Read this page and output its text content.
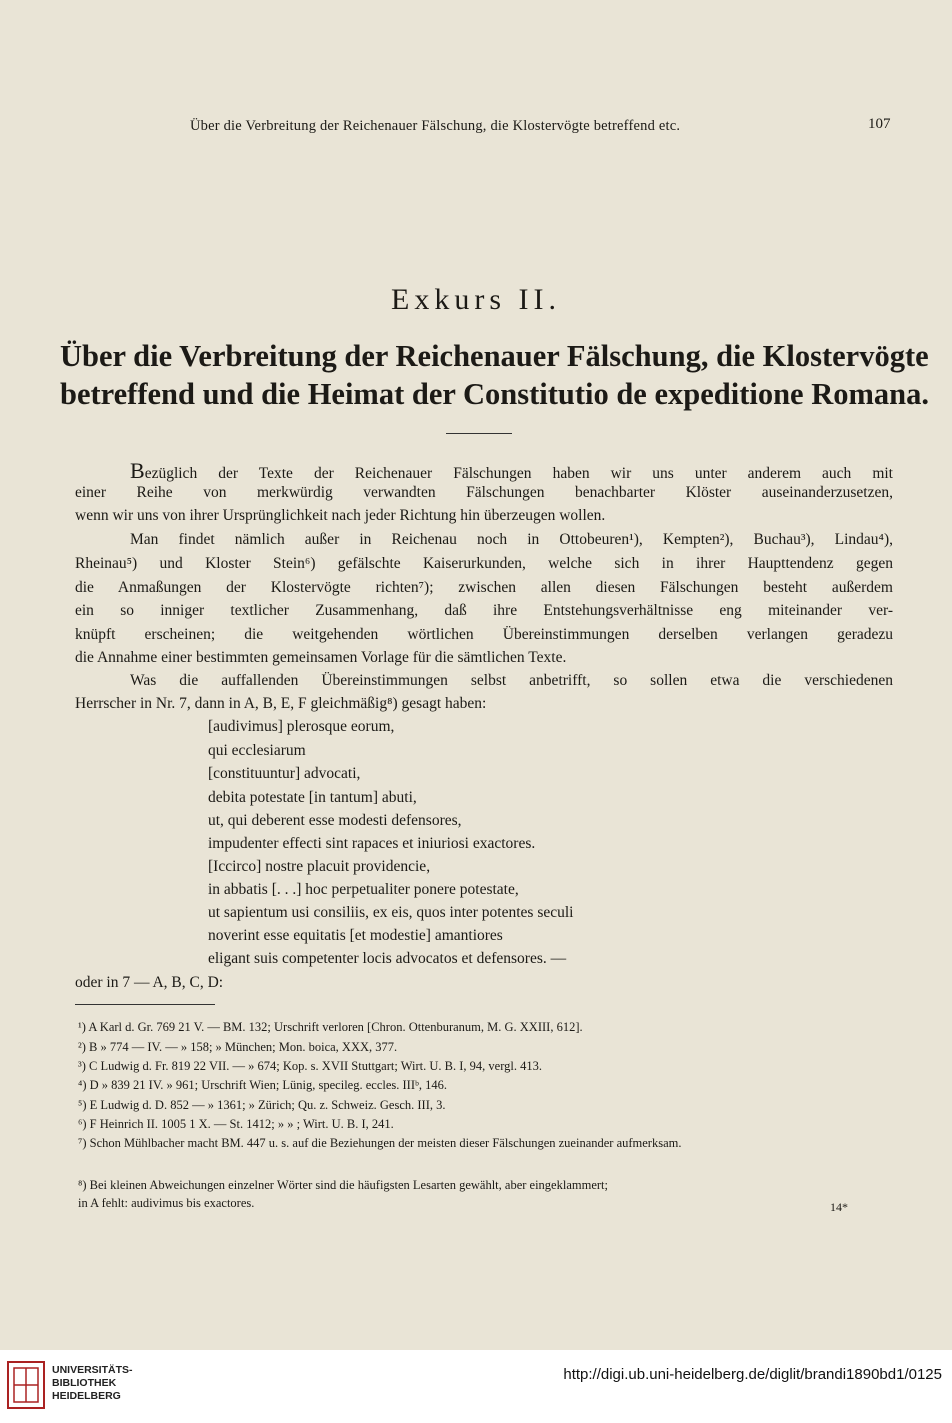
Über die Verbreitung der Reichenauer Fälschung, die Klostervögte betreffend etc.	107
Exkurs II.
Über die Verbreitung der Reichenauer Fälschung, die Klostervögte
betreffend und die Heimat der Constitutio de expeditione Romana.
Bezüglich der Texte der Reichenauer Fälschungen haben wir uns unter anderem auch mit
einer Reihe von merkwürdig verwandten Fälschungen benachbarter Klöster auseinanderzusetzen,
wenn wir uns von ihrer Ursprünglichkeit nach jeder Richtung hin überzeugen wollen.
Man findet nämlich außer in Reichenau noch in Ottobeuren¹), Kempten²), Buchau³), Lindau⁴),
Rheinau⁵) und Kloster Stein⁶) gefälschte Kaiserurkunden, welche sich in ihrer Haupttendenz gegen
die Anmaßungen der Klostervögte richten⁷); zwischen allen diesen Fälschungen besteht außerdem
ein so inniger textlicher Zusammenhang, daß ihre Entstehungsverhältnisse eng miteinander ver-
knüpft erscheinen; die weitgehenden wörtlichen Übereinstimmungen derselben verlangen geradezu
die Annahme einer bestimmten gemeinsamen Vorlage für die sämtlichen Texte.
Was die auffallenden Übereinstimmungen selbst anbetrifft, so sollen etwa die verschiedenen
Herrscher in Nr. 7, dann in A, B, E, F gleichmäßig⁸) gesagt haben:
[audivimus] plerosque eorum,
qui ecclesiarum
[constituuntur] advocati,
debita potestate [in tantum] abuti,
ut, qui deberent esse modesti defensores,
impudenter effecti sint rapaces et iniuriosi exactores.
[Iccirco] nostre placuit providencie,
in abbatis [. . .] hoc perpetualiter ponere potestate,
ut sapientum usi consiliis, ex eis, quos inter potentes seculi
noverint esse equitatis [et modestie] amantiores
eligant suis competenter locis advocatos et defensores. —
oder in 7 — A, B, C, D:
¹) A Karl d. Gr. 769 21 V. — BM. 132; Urschrift verloren [Chron. Ottenburanum, M. G. XXIII, 612].
²) B » 774 — IV. — » 158; » München; Mon. boica, XXX, 377.
³) C Ludwig d. Fr. 819 22 VII. — » 674; Kop. s. XVII Stuttgart; Wirt. U. B. I, 94, vergl. 413.
⁴) D » 839 21 IV. » 961; Urschrift Wien; Lünig, specileg. eccles. IIIᵇ, 146.
⁵) E Ludwig d. D. 852 — » 1361; » Zürich; Qu. z. Schweiz. Gesch. III, 3.
⁶) F Heinrich II. 1005 1 X. — St. 1412; » » ; Wirt. U. B. I, 241.
⁷) Schon Mühlbacher macht BM. 447 u. s. auf die Beziehungen der meisten dieser Fälschungen zueinander aufmerksam.
⁸) Bei kleinen Abweichungen einzelner Wörter sind die häufigsten Lesarten gewählt, aber eingeklammert;
in A fehlt: audivimus bis exactores.	14*
UNIVERSITÄTS-
BIBLIOTHEK
HEIDELBERG
http://digi.ub.uni-heidelberg.de/diglit/brandi1890bd1/0125
